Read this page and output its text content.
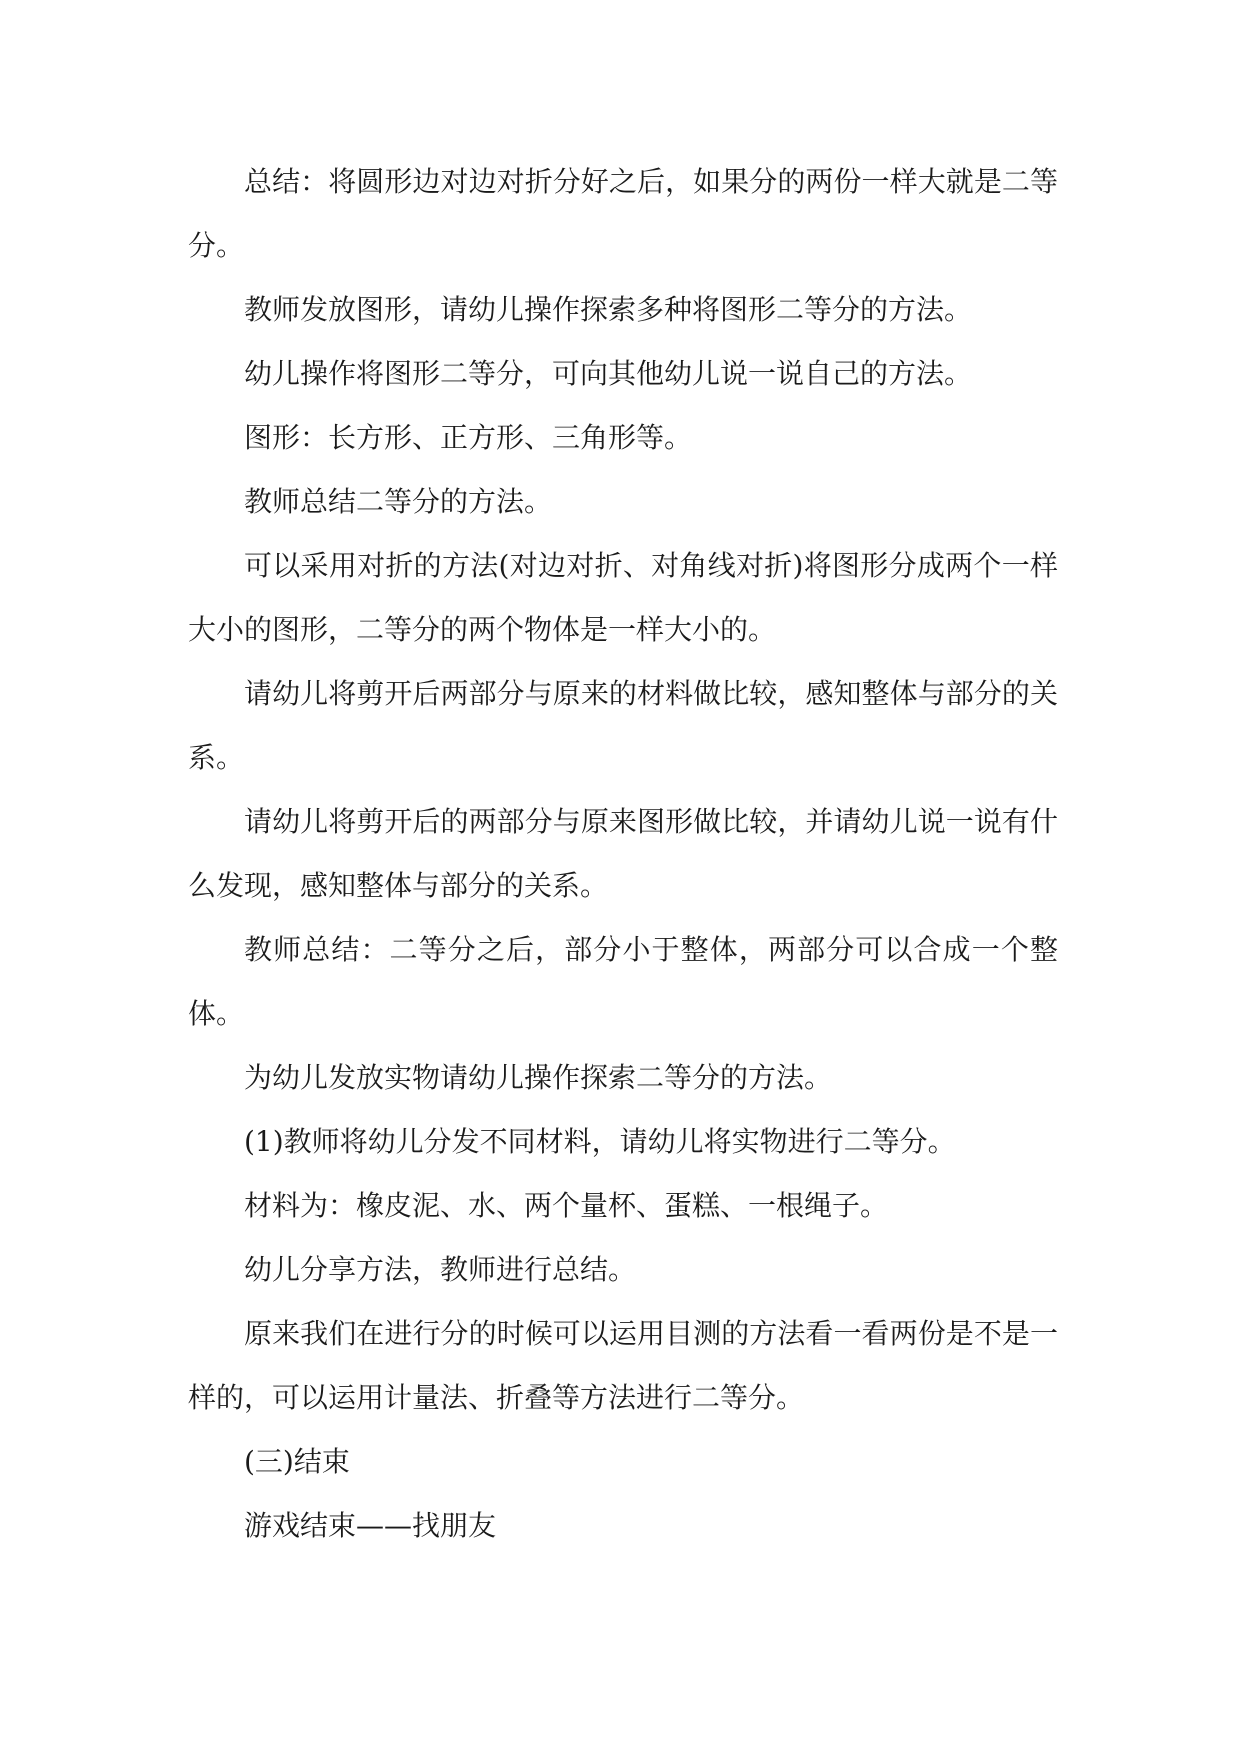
总结：将圆形边对边对折分好之后，如果分的两份一样大就是二等分。

教师发放图形，请幼儿操作探索多种将图形二等分的方法。

幼儿操作将图形二等分，可向其他幼儿说一说自己的方法。

图形：长方形、正方形、三角形等。

教师总结二等分的方法。

可以采用对折的方法(对边对折、对角线对折)将图形分成两个一样大小的图形，二等分的两个物体是一样大小的。

请幼儿将剪开后两部分与原来的材料做比较，感知整体与部分的关系。

请幼儿将剪开后的两部分与原来图形做比较，并请幼儿说一说有什么发现，感知整体与部分的关系。

教师总结：二等分之后，部分小于整体，两部分可以合成一个整体。

为幼儿发放实物请幼儿操作探索二等分的方法。

(1)教师将幼儿分发不同材料，请幼儿将实物进行二等分。

材料为：橡皮泥、水、两个量杯、蛋糕、一根绳子。

幼儿分享方法，教师进行总结。

原来我们在进行分的时候可以运用目测的方法看一看两份是不是一样的，可以运用计量法、折叠等方法进行二等分。

(三)结束

游戏结束——找朋友
